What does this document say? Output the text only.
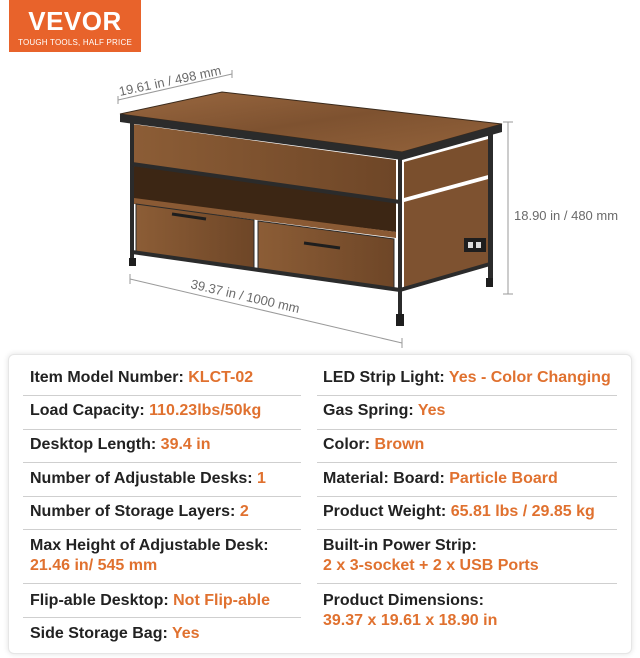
VEVOR
TOUGH TOOLS, HALF PRICE
19.61 in / 498 mm
18.90 in / 480 mm
39.37 in / 1000 mm
Item Model Number: KLCT-02
Load Capacity: 110.23lbs/50kg
Desktop Length: 39.4 in
Number of Adjustable Desks: 1
Number of Storage Layers: 2
Max Height of Adjustable Desk:
21.46 in/ 545 mm
Flip-able Desktop: Not Flip-able
Side Storage Bag: Yes
LED Strip Light: Yes - Color Changing
Gas Spring: Yes
Color: Brown
Material: Board: Particle Board
Product Weight: 65.81 lbs / 29.85 kg
Built-in Power Strip:
2 x 3-socket + 2 x USB Ports
Product Dimensions:
39.37 x 19.61 x 18.90 in
